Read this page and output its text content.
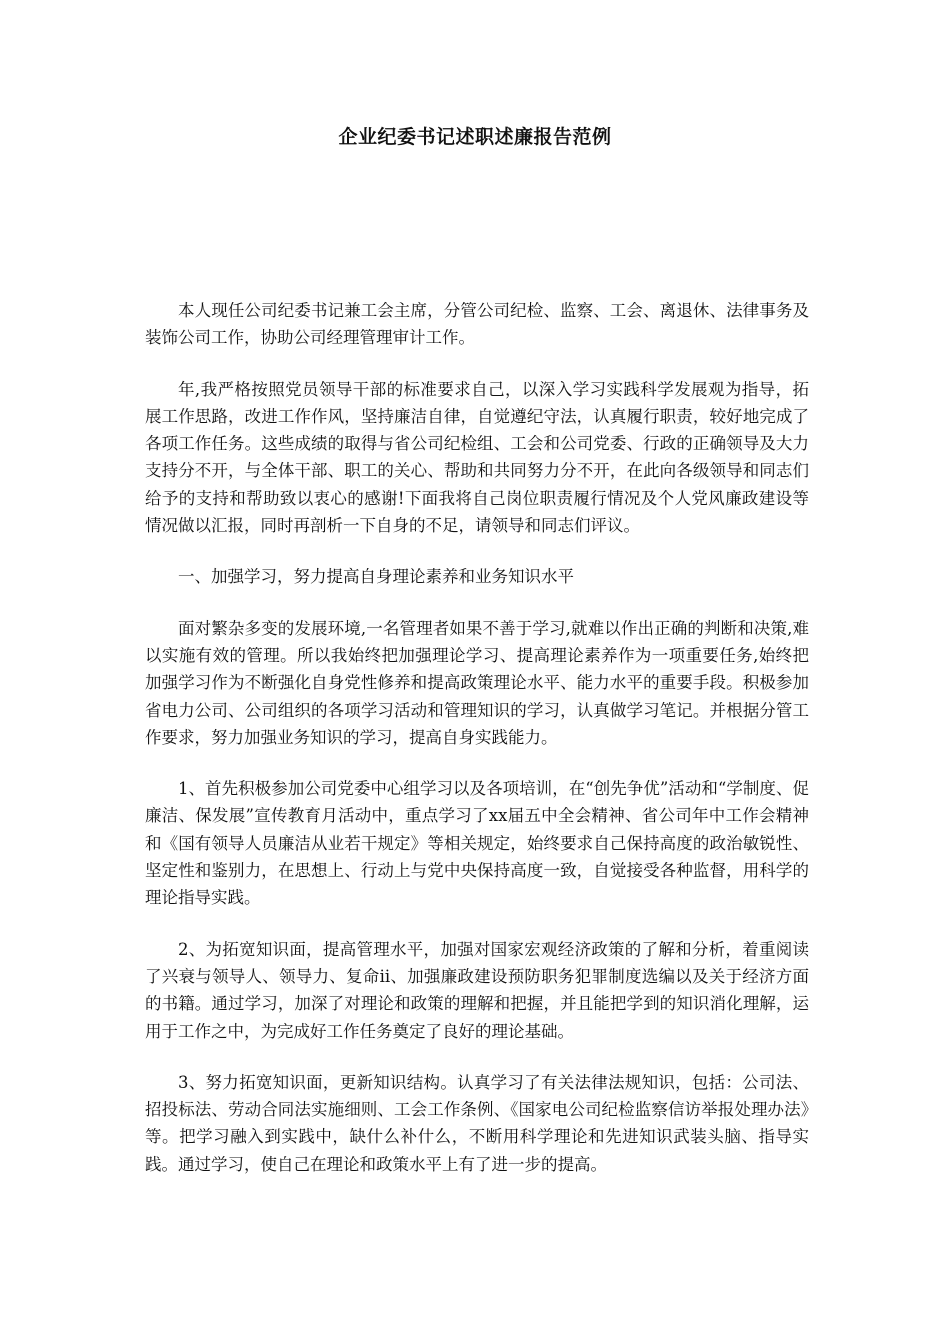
企业纪委书记述职述廉报告范例

本人现任公司纪委书记兼工会主席，分管公司纪检、监察、工会、离退休、法律事务及装饰公司工作，协助公司经理管理审计工作。

年,我严格按照党员领导干部的标准要求自己，以深入学习实践科学发展观为指导，拓展工作思路，改进工作作风，坚持廉洁自律，自觉遵纪守法，认真履行职责，较好地完成了各项工作任务。这些成绩的取得与省公司纪检组、工会和公司党委、行政的正确领导及大力支持分不开，与全体干部、职工的关心、帮助和共同努力分不开，在此向各级领导和同志们给予的支持和帮助致以衷心的感谢!下面我将自己岗位职责履行情况及个人党风廉政建设等情况做以汇报，同时再剖析一下自身的不足，请领导和同志们评议。

一、加强学习，努力提高自身理论素养和业务知识水平

面对繁杂多变的发展环境,一名管理者如果不善于学习,就难以作出正确的判断和决策,难以实施有效的管理。所以我始终把加强理论学习、提高理论素养作为一项重要任务,始终把加强学习作为不断强化自身党性修养和提高政策理论水平、能力水平的重要手段。积极参加省电力公司、公司组织的各项学习活动和管理知识的学习，认真做学习笔记。并根据分管工作要求，努力加强业务知识的学习，提高自身实践能力。

1、首先积极参加公司党委中心组学习以及各项培训，在“创先争优”活动和“学制度、促廉洁、保发展”宣传教育月活动中，重点学习了xx届五中全会精神、省公司年中工作会精神和《国有领导人员廉洁从业若干规定》等相关规定，始终要求自己保持高度的政治敏锐性、坚定性和鉴别力，在思想上、行动上与党中央保持高度一致，自觉接受各种监督，用科学的理论指导实践。

2、为拓宽知识面，提高管理水平，加强对国家宏观经济政策的了解和分析，着重阅读了兴衰与领导人、领导力、复命ii、加强廉政建设预防职务犯罪制度选编以及关于经济方面的书籍。通过学习，加深了对理论和政策的理解和把握，并且能把学到的知识消化理解，运用于工作之中，为完成好工作任务奠定了良好的理论基础。

3、努力拓宽知识面，更新知识结构。认真学习了有关法律法规知识，包括：公司法、招投标法、劳动合同法实施细则、工会工作条例、《国家电公司纪检监察信访举报处理办法》等。把学习融入到实践中，缺什么补什么，不断用科学理论和先进知识武装头脑、指导实践。通过学习，使自己在理论和政策水平上有了进一步的提高。
